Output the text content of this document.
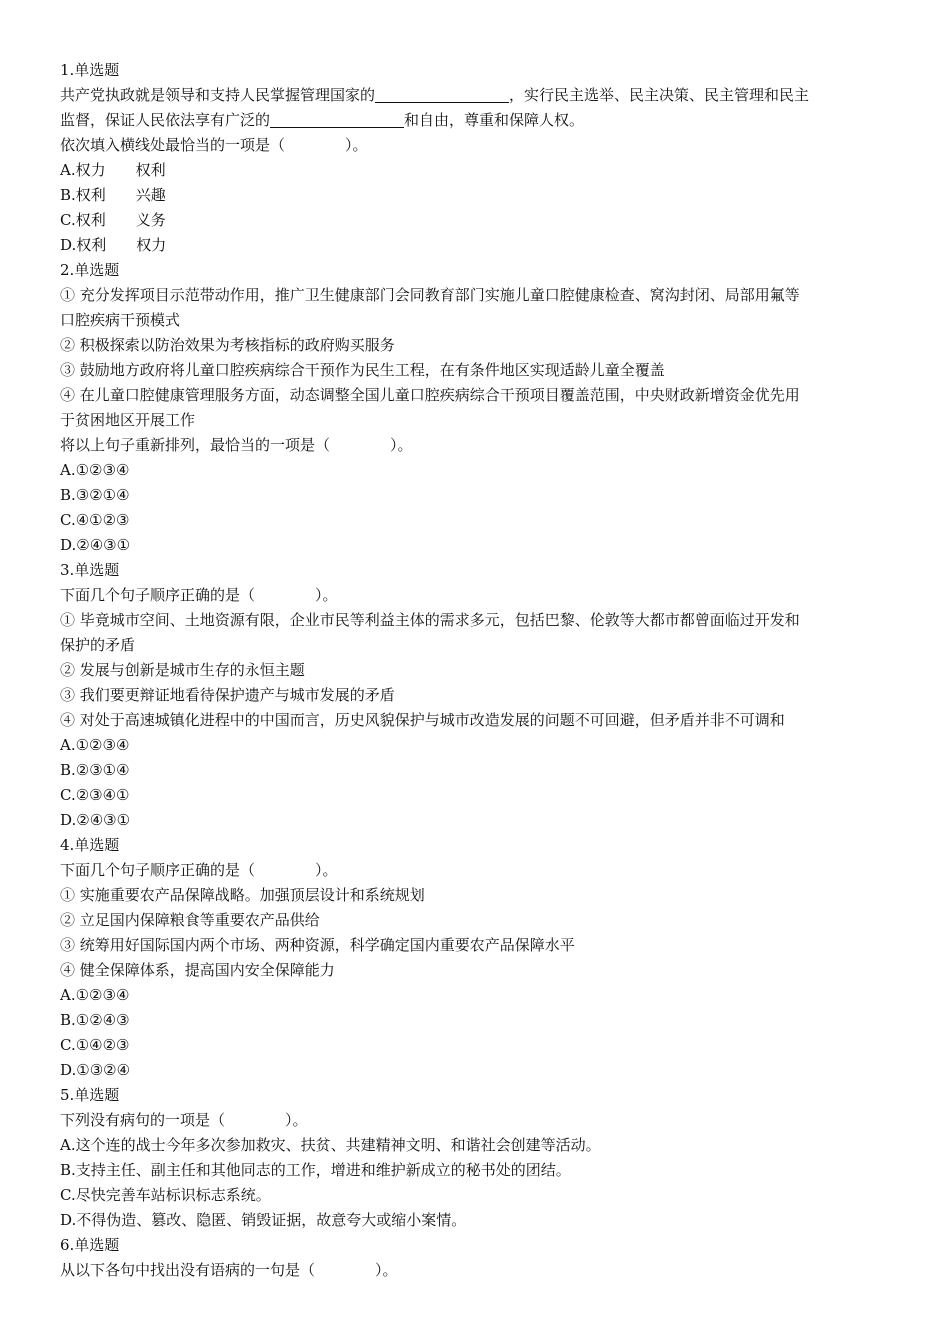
1.单选题

共产党执政就是领导和支持人民掌握管理国家的	，实行民主选举、民主决策、民主管理和民主

监督，保证人民依法享有广泛的	和自由，尊重和保障人权。

依次填入横线处最恰当的一项是（　　　　）。

A.权力　　权利

B.权利　　兴趣

C.权利　　义务

D.权利　　权力

2.单选题

① 充分发挥项目示范带动作用，推广卫生健康部门会同教育部门实施儿童口腔健康检查、窝沟封闭、局部用氟等

口腔疾病干预模式

② 积极探索以防治效果为考核指标的政府购买服务

③ 鼓励地方政府将儿童口腔疾病综合干预作为民生工程，在有条件地区实现适龄儿童全覆盖

④ 在儿童口腔健康管理服务方面，动态调整全国儿童口腔疾病综合干预项目覆盖范围，中央财政新增资金优先用

于贫困地区开展工作

将以上句子重新排列，最恰当的一项是（　　　　）。

A.①②③④

B.③②①④

C.④①②③

D.②④③①

3.单选题

下面几个句子顺序正确的是（　　　　）。

① 毕竟城市空间、土地资源有限，企业市民等利益主体的需求多元，包括巴黎、伦敦等大都市都曾面临过开发和

保护的矛盾

② 发展与创新是城市生存的永恒主题

③ 我们要更辩证地看待保护遗产与城市发展的矛盾

④ 对处于高速城镇化进程中的中国而言，历史风貌保护与城市改造发展的问题不可回避，但矛盾并非不可调和

A.①②③④

B.②③①④

C.②③④①

D.②④③①

4.单选题

下面几个句子顺序正确的是（　　　　）。

① 实施重要农产品保障战略。加强顶层设计和系统规划

② 立足国内保障粮食等重要农产品供给

③ 统筹用好国际国内两个市场、两种资源，科学确定国内重要农产品保障水平

④ 健全保障体系，提高国内安全保障能力

A.①②③④

B.①②④③

C.①④②③

D.①③②④

5.单选题

下列没有病句的一项是（　　　　）。

A.这个连的战士今年多次参加救灾、扶贫、共建精神文明、和谐社会创建等活动。

B.支持主任、副主任和其他同志的工作，增进和维护新成立的秘书处的团结。

C.尽快完善车站标识标志系统。

D.不得伪造、篡改、隐匿、销毁证据，故意夸大或缩小案情。

6.单选题

从以下各句中找出没有语病的一句是（　　　　）。
